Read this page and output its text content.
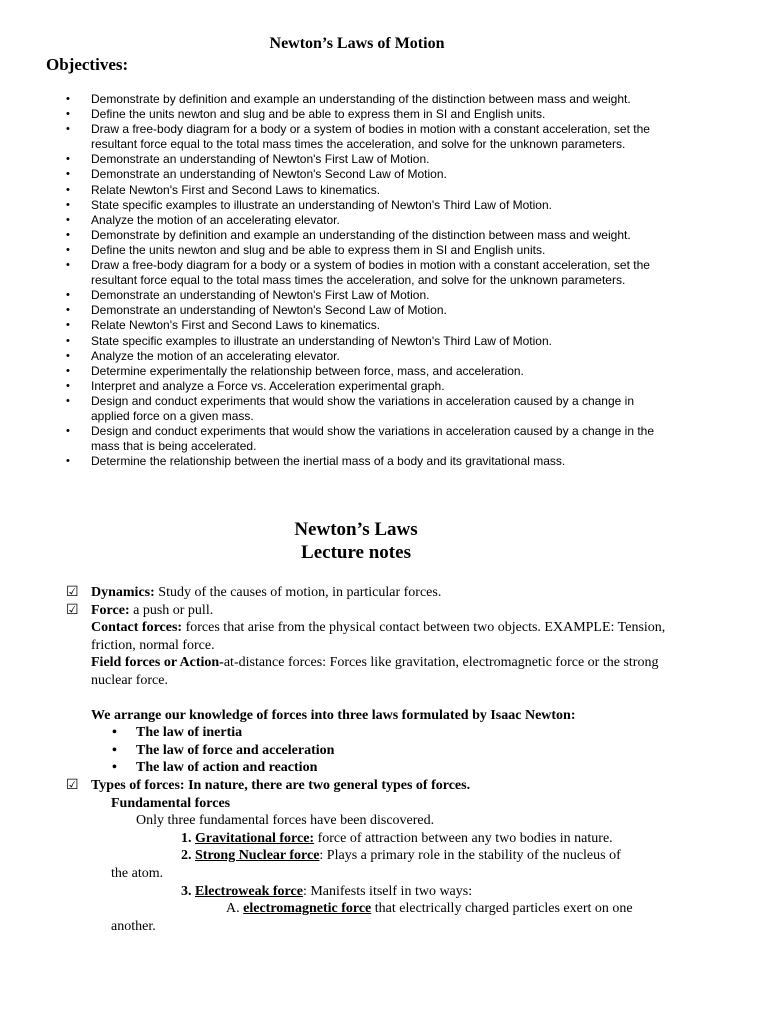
Newton’s Laws of Motion
Objectives:
• Demonstrate by definition and example an understanding of the distinction between mass and weight.
• Define the units newton and slug and be able to express them in SI and English units.
• Draw a free-body diagram for a body or a system of bodies in motion with a constant acceleration, set the resultant force equal to the total mass times the acceleration, and solve for the unknown parameters.
• Demonstrate an understanding of Newton's First Law of Motion.
• Demonstrate an understanding of Newton's Second Law of Motion.
• Relate Newton's First and Second Laws to kinematics.
• State specific examples to illustrate an understanding of Newton's Third Law of Motion.
• Analyze the motion of an accelerating elevator.
• Demonstrate by definition and example an understanding of the distinction between mass and weight.
• Define the units newton and slug and be able to express them in SI and English units.
• Draw a free-body diagram for a body or a system of bodies in motion with a constant acceleration, set the resultant force equal to the total mass times the acceleration, and solve for the unknown parameters.
• Demonstrate an understanding of Newton's First Law of Motion.
• Demonstrate an understanding of Newton's Second Law of Motion.
• Relate Newton's First and Second Laws to kinematics.
• State specific examples to illustrate an understanding of Newton's Third Law of Motion.
• Analyze the motion of an accelerating elevator.
• Determine experimentally the relationship between force, mass, and acceleration.
• Interpret and analyze a Force vs. Acceleration experimental graph.
• Design and conduct experiments that would show the variations in acceleration caused by a change in applied force on a given mass.
• Design and conduct experiments that would show the variations in acceleration caused by a change in the mass that is being accelerated.
• Determine the relationship between the inertial mass of a body and its gravitational mass.
Newton’s Laws
Lecture notes
☑ Dynamics: Study of the causes of motion, in particular forces.
☑ Force: a push or pull.
Contact forces: forces that arise from the physical contact between two objects. EXAMPLE: Tension, friction, normal force.
Field forces or Action-at-distance forces: Forces like gravitation, electromagnetic force or the strong nuclear force.
We arrange our knowledge of forces into three laws formulated by Isaac Newton:
• The law of inertia
• The law of force and acceleration
• The law of action and reaction
☑ Types of forces: In nature, there are two general types of forces.
Fundamental forces
Only three fundamental forces have been discovered.
1. Gravitational force: force of attraction between any two bodies in nature.
2. Strong Nuclear force: Plays a primary role in the stability of the nucleus of
the atom.
3. Electroweak force: Manifests itself in two ways:
A. electromagnetic force that electrically charged particles exert on one
another.
